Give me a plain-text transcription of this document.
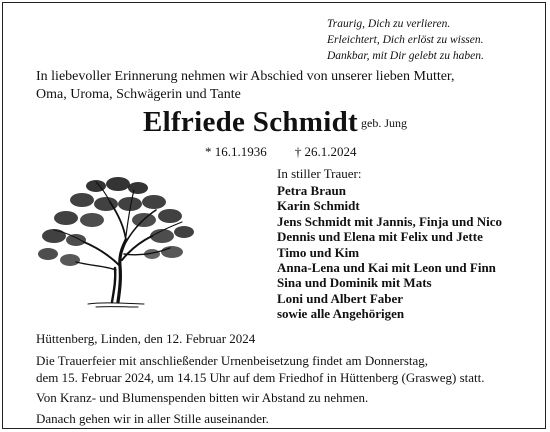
Traurig, Dich zu verlieren.
Erleichtert, Dich erlöst zu wissen.
Dankbar, mit Dir gelebt zu haben.
In liebevoller Erinnerung nehmen wir Abschied von unserer lieben Mutter,
Oma, Uroma, Schwägerin und Tante
Elfriede Schmidt $^{geb. Jung}$
* 16.1.1936 † 26.1.2024
In stiller Trauer:
Petra Braun
Karin Schmidt
Jens Schmidt mit Jannis, Finja und Nico
Dennis und Elena mit Felix und Jette
Timo und Kim
Anna-Lena und Kai mit Leon und Finn
Sina und Dominik mit Mats
Loni und Albert Faber
sowie alle Angehörigen
Hüttenberg, Linden, den 12. Februar 2024
Die Trauerfeier mit anschließender Urnenbeisetzung findet am Donnerstag,
dem 15. Februar 2024, um 14.15 Uhr auf dem Friedhof in Hüttenberg (Grasweg) statt.
Von Kranz- und Blumenspenden bitten wir Abstand zu nehmen.
Danach gehen wir in aller Stille auseinander.
